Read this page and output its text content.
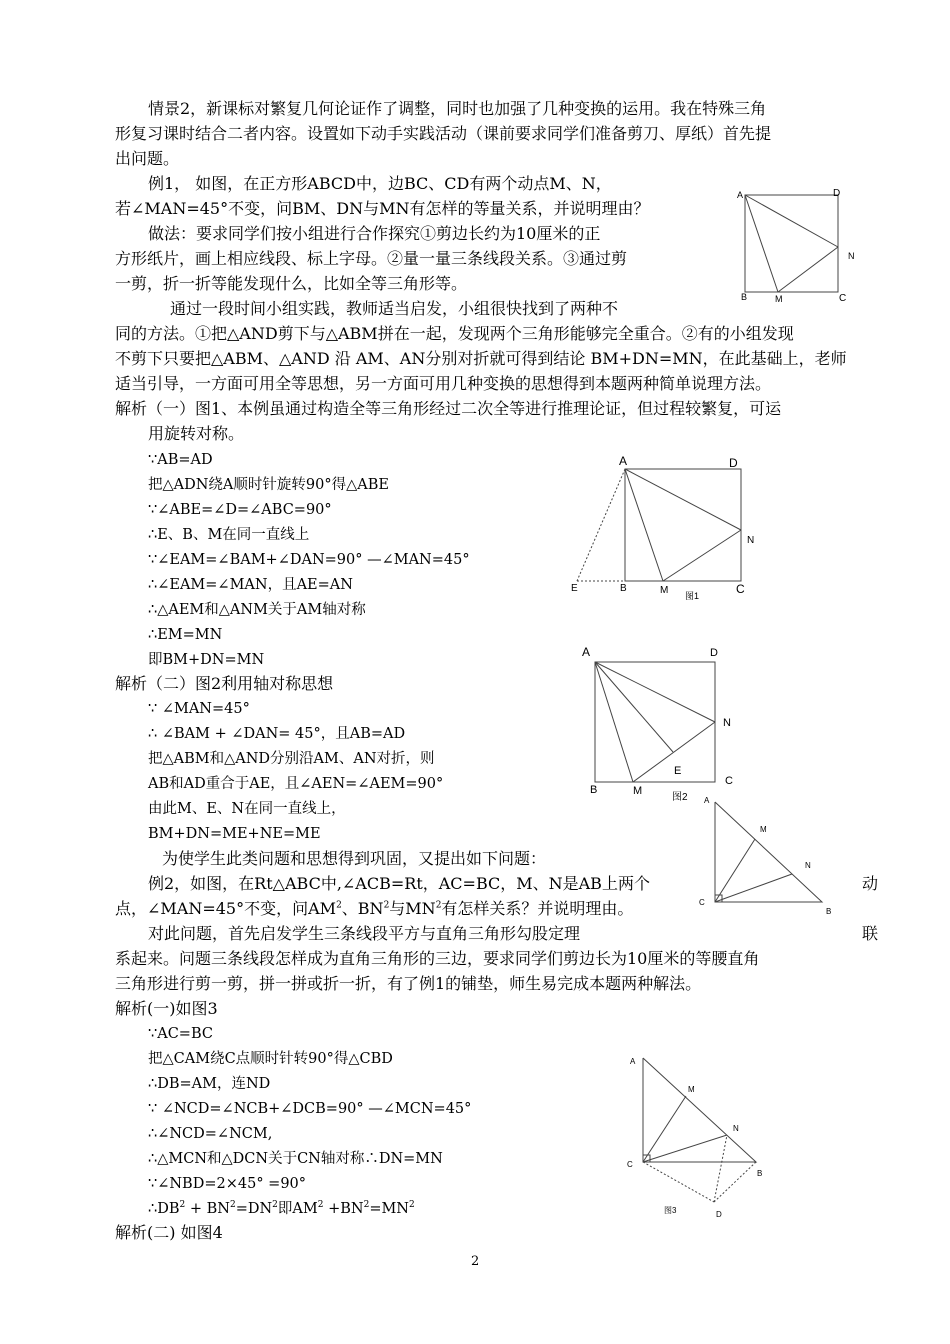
情景2，新课标对繁复几何论证作了调整，同时也加强了几种变换的运用。我在特殊三角
形复习课时结合二者内容。设置如下动手实践活动（课前要求同学们准备剪刀、厚纸）首先提
出问题。
例1， 如图，在正方形ABCD中，边BC、CD有两个动点M、N，
若∠MAN=45°不变，问BM、DN与MN有怎样的等量关系，并说明理由？
做法：要求同学们按小组进行合作探究①剪边长约为10厘米的正
方形纸片，画上相应线段、标上字母。②量一量三条线段关系。③通过剪
一剪，折一折等能发现什么，比如全等三角形等。
通过一段时间小组实践，教师适当启发，小组很快找到了两种不
同的方法。①把△AND剪下与△ABM拼在一起，发现两个三角形能够完全重合。②有的小组发现
不剪下只要把△ABM、△AND 沿 AM、AN分别对折就可得到结论 BM+DN=MN，在此基础上，老师
适当引导，一方面可用全等思想，另一方面可用几种变换的思想得到本题两种简单说理方法。
解析（一）图1、本例虽通过构造全等三角形经过二次全等进行推理论证，但过程较繁复，可运
用旋转对称。
∵AB=AD
把△ADN绕A顺时针旋转90°得△ABE
∵∠ABE=∠D=∠ABC=90°
∴E、B、M在同一直线上
∵∠EAM=∠BAM+∠DAN=90° —∠MAN=45°
∴∠EAM=∠MAN，且AE=AN
∴△AEM和△ANM关于AM轴对称
∴EM=MN
即BM+DN=MN
解析（二）图2利用轴对称思想
∵ ∠MAN=45°
∴ ∠BAM + ∠DAN= 45°，且AB=AD
把△ABM和△AND分别沿AM、AN对折，则
AB和AD重合于AE，且∠AEN=∠AEM=90°
由此M、E、N在同一直线上，
BM+DN=ME+NE=ME
为使学生此类问题和思想得到巩固，又提出如下问题：
例2，如图，在Rt△ABC中,∠ACB=Rt，AC=BC，M、N是AB上两个	动
点，∠MAN=45°不变，问$AM^2$、$BN^2$与$MN^2$有怎样关系？并说明理由。
对此问题，首先启发学生三条线段平方与直角三角形勾股定理	联
系起来。问题三条线段怎样成为直角三角形的三边，要求同学们剪边长为10厘米的等腰直角
三角形进行剪一剪，拼一拼或折一折，有了例1的铺垫，师生易完成本题两种解法。
解析(一)如图3
∵AC=BC
把△CAM绕C点顺时针转90°得△CBD
∴DB=AM，连ND
∵ ∠NCD=∠NCB+∠DCB=90° —∠MCN=45°
∴∠NCD=∠NCM,
∴△MCN和△DCN关于CN轴对称∴DN=MN
∵∠NBD=2×45° =90°
$\therefore DB^2 + BN^2=DN^2$即$AM^2 +BN^2=MN^2$
解析(二) 如图4
2
A	D
N
B	M	C
A	D
N
E	B	M	C
图1
A	D
N
E
C
B	M
图2 A
M
N
C
B
A
M
N
C
B
D
图3
